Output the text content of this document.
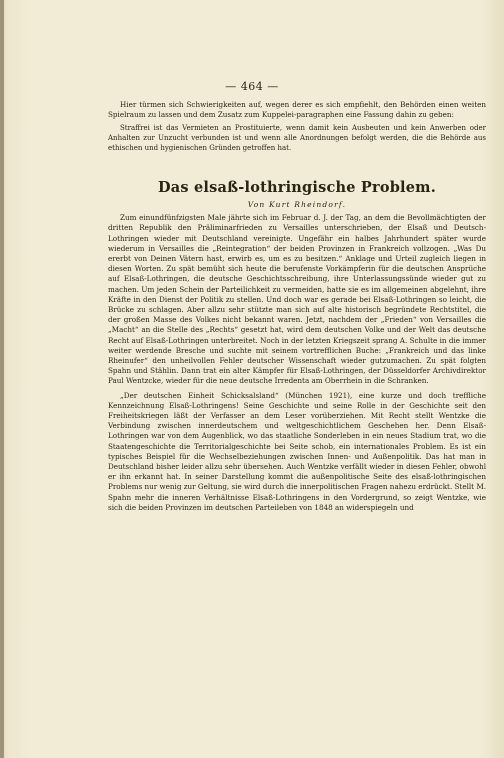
— 464 —

Hier türmen sich Schwierigkeiten auf, wegen derer es sich empfiehlt, den Behörden einen weiten Spielraum zu lassen und dem Zusatz zum Kuppelei-paragraphen eine Fassung dahin zu geben:

Straffrei ist das Vermieten an Prostituierte, wenn damit kein Ausbeuten und kein Anwerben oder Anhalten zur Unzucht verbunden ist und wenn alle Anordnungen befolgt werden, die die Behörde aus ethischen und hygienischen Gründen getroffen hat.

Das elsaß-lothringische Problem.
Von Kurt Rheindorf.

Zum einundfünfzigsten Male jährte sich im Februar d. J. der Tag, an dem die Bevollmächtigten der dritten Republik den Präliminarfrieden zu Versailles unterschrieben, der Elsaß und Deutsch-Lothringen wieder mit Deutschland vereinigte. Ungefähr ein halbes Jahrhundert später wurde wiederum in Versailles die „Reintegration“ der beiden Provinzen in Frankreich vollzogen. „Was Du ererbt von Deinen Vätern hast, erwirb es, um es zu besitzen.“ Anklage und Urteil zugleich liegen in diesen Worten. Zu spät bemüht sich heute die berufenste Vorkämpferin für die deutschen Ansprüche auf Elsaß-Lothringen, die deutsche Geschichtsschreibung, ihre Unterlassungssünde wieder gut zu machen. Um jeden Schein der Parteilichkeit zu vermeiden, hatte sie es im allgemeinen abgelehnt, ihre Kräfte in den Dienst der Politik zu stellen. Und doch war es gerade bei Elsaß-Lothringen so leicht, die Brücke zu schlagen. Aber allzu sehr stützte man sich auf alte historisch begründete Rechtstitel, die der großen Masse des Volkes nicht bekannt waren. Jetzt, nachdem der „Frieden“ von Versailles die „Macht“ an die Stelle des „Rechts“ gesetzt hat, wird dem deutschen Volke und der Welt das deutsche Recht auf Elsaß-Lothringen unterbreitet. Noch in der letzten Kriegszeit sprang A. Schulte in die immer weiter werdende Bresche und suchte mit seinem vortrefflichen Buche: „Frankreich und das linke Rheinufer“ den unheilvollen Fehler deutscher Wissenschaft wieder gutzumachen. Zu spät folgten Spahn und Stählin. Dann trat ein alter Kämpfer für Elsaß-Lothringen, der Düsseldorfer Archivdirektor Paul Wentzcke, wieder für die neue deutsche Irredenta am Oberrhein in die Schranken.

„Der deutschen Einheit Schicksalsland“ (München 1921), eine kurze und doch treffliche Kennzeichnung Elsaß-Lothringens! Seine Geschichte und seine Rolle in der Geschichte seit den Freiheitskriegen läßt der Verfasser an dem Leser vorüberziehen. Mit Recht stellt Wentzke die Verbindung zwischen innerdeutschem und weltgeschichtlichem Geschehen her. Denn Elsaß-Lothringen war von dem Augenblick, wo das staatliche Sonderleben in ein neues Stadium trat, wo die Staatengeschichte die Territorialgeschichte bei Seite schob, ein internationales Problem. Es ist ein typisches Beispiel für die Wechselbeziehungen zwischen Innen- und Außenpolitik. Das hat man in Deutschland bisher leider allzu sehr übersehen. Auch Wentzke verfällt wieder in diesen Fehler, obwohl er ihn erkannt hat. In seiner Darstellung kommt die außenpolitische Seite des elsaß-lothringischen Problems nur wenig zur Geltung, sie wird durch die innerpolitischen Fragen nahezu erdrückt. Stellt M. Spahn mehr die inneren Verhältnisse Elsaß-Lothringens in den Vordergrund, so zeigt Wentzke, wie sich die beiden Provinzen im deutschen Parteileben von 1848 an widerspiegeln und
